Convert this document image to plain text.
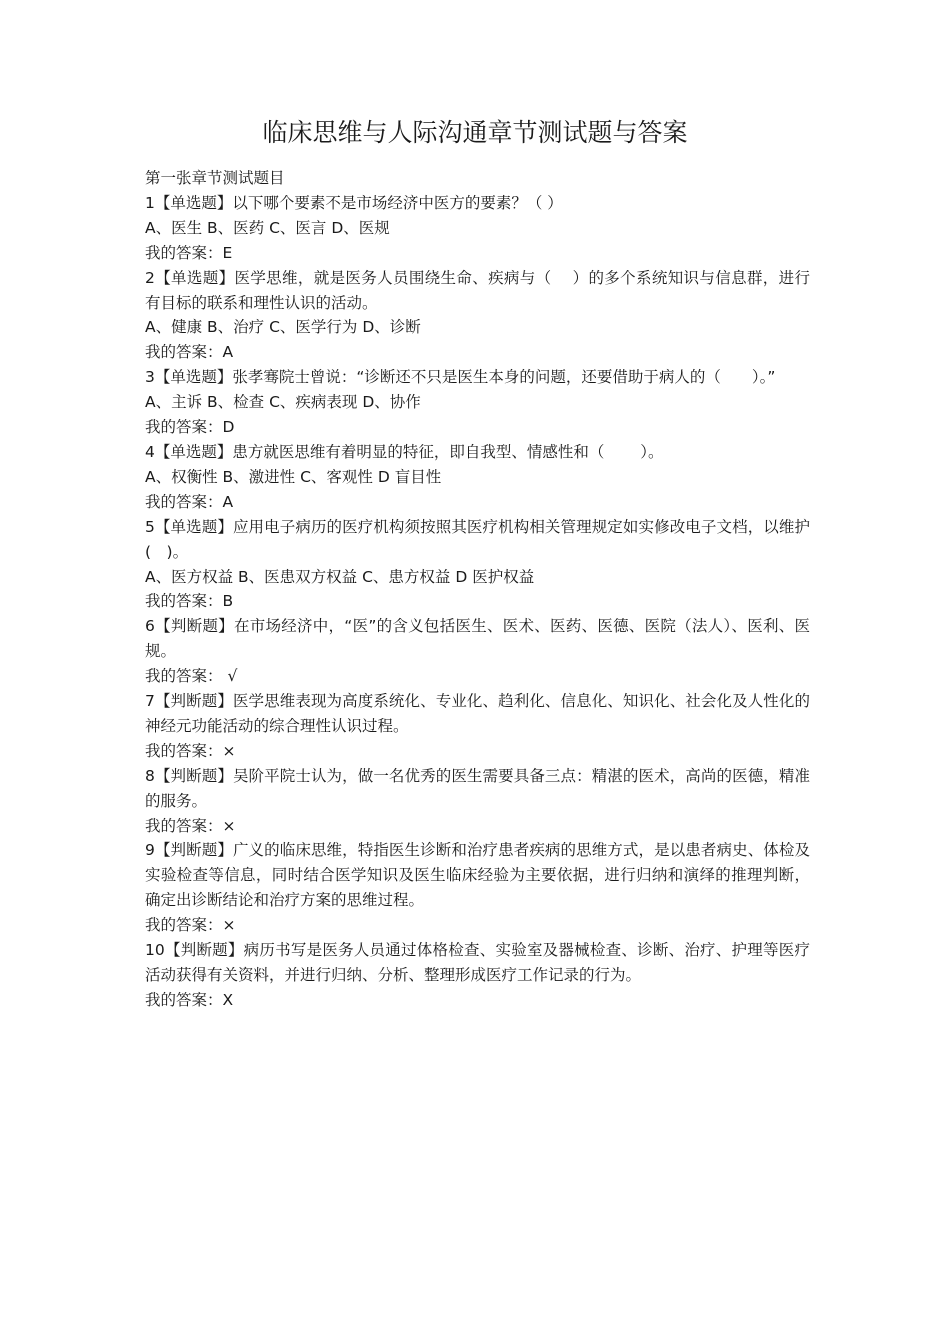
临床思维与人际沟通章节测试题与答案
第一张章节测试题目
1【单选题】以下哪个要素不是市场经济中医方的要素？（ ）
A、医生 B、医药 C、医言 D、医规
我的答案：E
2【单选题】医学思维，就是医务人员围绕生命、疾病与（　 ）的多个系统知识与信息群，进行有目标的联系和理性认识的活动。
A、健康 B、治疗 C、医学行为 D、诊断
我的答案：A
3【单选题】张孝骞院士曾说：“诊断还不只是医生本身的问题，还要借助于病人的（　　）。”
A、主诉 B、检查 C、疾病表现 D、协作
我的答案：D
4【单选题】患方就医思维有着明显的特征，即自我型、情感性和（　　 ）。
A、权衡性 B、激进性 C、客观性 D 盲目性
我的答案：A
5【单选题】应用电子病历的医疗机构须按照其医疗机构相关管理规定如实修改电子文档，以维护(　)。
A、医方权益 B、医患双方权益 C、患方权益 D 医护权益
我的答案：B
6【判断题】在市场经济中，“医”的含义包括医生、医术、医药、医德、医院（法人）、医利、医规。
我的答案： √
7【判断题】医学思维表现为高度系统化、专业化、趋利化、信息化、知识化、社会化及人性化的神经元功能活动的综合理性认识过程。
我的答案：×
8【判断题】吴阶平院士认为，做一名优秀的医生需要具备三点：精湛的医术，高尚的医德，精准的服务。
我的答案：×
9【判断题】广义的临床思维，特指医生诊断和治疗患者疾病的思维方式，是以患者病史、体检及实验检查等信息，同时结合医学知识及医生临床经验为主要依据，进行归纳和演绎的推理判断，确定出诊断结论和治疗方案的思维过程。
我的答案：×
10【判断题】病历书写是医务人员通过体格检查、实验室及器械检查、诊断、治疗、护理等医疗活动获得有关资料，并进行归纳、分析、整理形成医疗工作记录的行为。
我的答案：X
